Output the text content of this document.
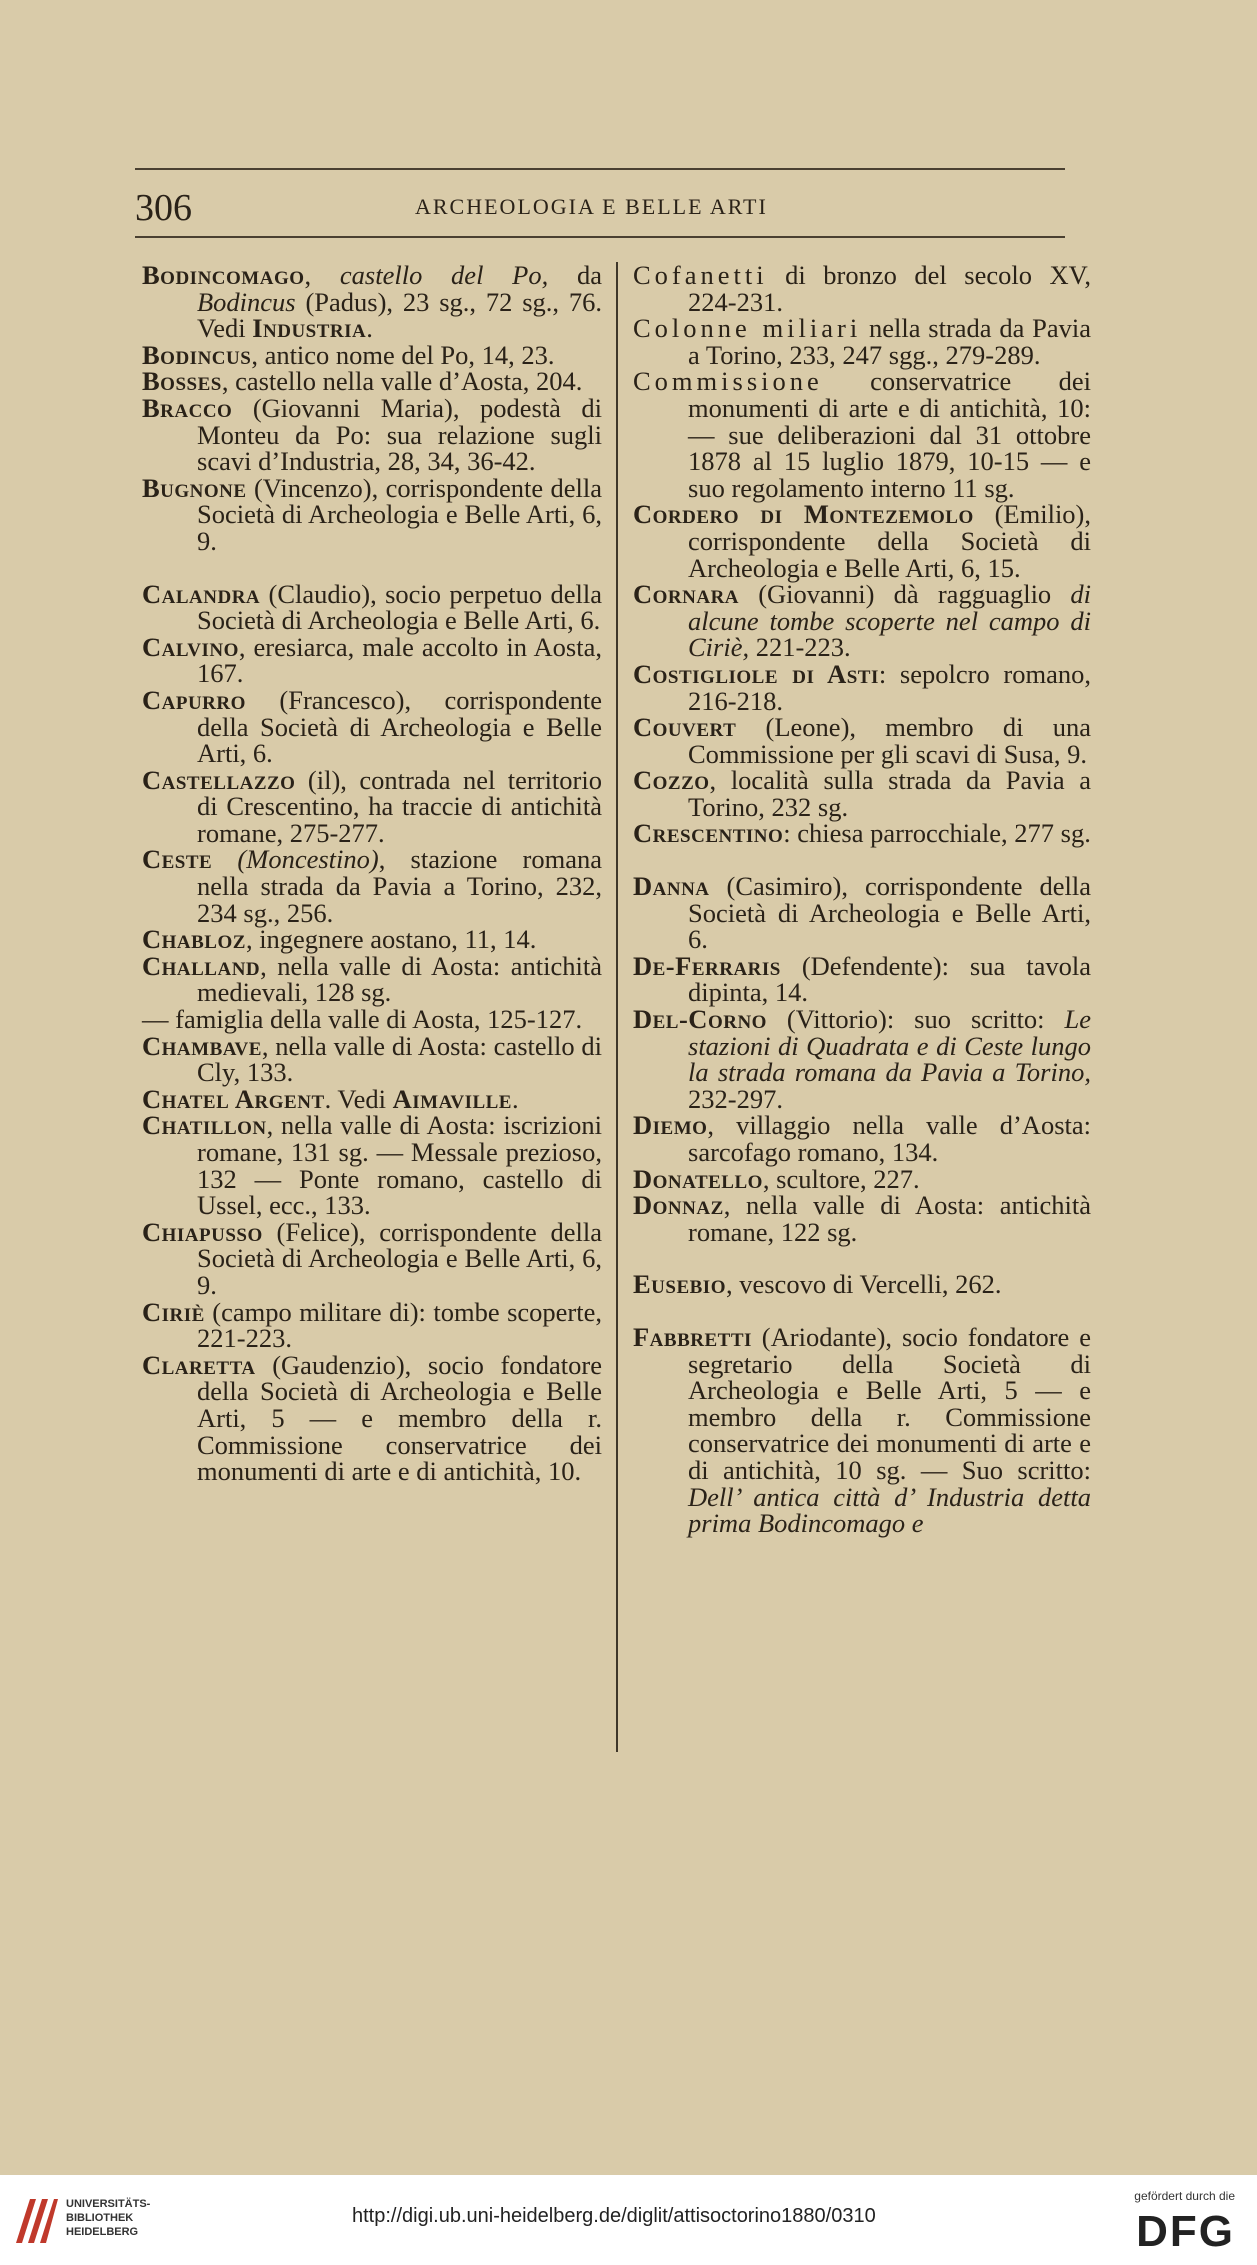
306	ARCHEOLOGIA E BELLE ARTI

Bodincomago, castello del Po, da Bodincus (Padus), 23 sg., 72 sg., 76. Vedi Industria.

Bodincus, antico nome del Po, 14, 23.

Bosses, castello nella valle d’Aosta, 204.

Bracco (Giovanni Maria), podestà di Monteu da Po: sua relazione sugli scavi d’Industria, 28, 34, 36-42.

Bugnone (Vincenzo), corrispondente della Società di Archeologia e Belle Arti, 6, 9.

Calandra (Claudio), socio perpetuo della Società di Archeologia e Belle Arti, 6.

Calvino, eresiarca, male accolto in Aosta, 167.

Capurro (Francesco), corrispondente della Società di Archeologia e Belle Arti, 6.

Castellazzo (il), contrada nel territorio di Crescentino, ha traccie di antichità romane, 275-277.

Ceste (Moncestino), stazione romana nella strada da Pavia a Torino, 232, 234 sg., 256.

Chabloz, ingegnere aostano, 11, 14.

Challand, nella valle di Aosta: antichità medievali, 128 sg.

— famiglia della valle di Aosta, 125-127.

Chambave, nella valle di Aosta: castello di Cly, 133.

Chatel Argent. Vedi Aimaville.

Chatillon, nella valle di Aosta: iscrizioni romane, 131 sg. — Messale prezioso, 132 — Ponte romano, castello di Ussel, ecc., 133.

Chiapusso (Felice), corrispondente della Società di Archeologia e Belle Arti, 6, 9.

Ciriè (campo militare di): tombe scoperte, 221-223.

Claretta (Gaudenzio), socio fondatore della Società di Archeologia e Belle Arti, 5 — e membro della r. Commissione conservatrice dei monumenti di arte e di antichità, 10.

Cofanetti di bronzo del secolo XV, 224-231.

Colonne miliari nella strada da Pavia a Torino, 233, 247 sgg., 279-289.

Commissione conservatrice dei monumenti di arte e di antichità, 10: — sue deliberazioni dal 31 ottobre 1878 al 15 luglio 1879, 10-15 — e suo regolamento interno 11 sg.

Cordero di Montezemolo (Emilio), corrispondente della Società di Archeologia e Belle Arti, 6, 15.

Cornara (Giovanni) dà ragguaglio di alcune tombe scoperte nel campo di Ciriè, 221-223.

Costigliole di Asti: sepolcro romano, 216-218.

Couvert (Leone), membro di una Commissione per gli scavi di Susa, 9.

Cozzo, località sulla strada da Pavia a Torino, 232 sg.

Crescentino: chiesa parrocchiale, 277 sg.

Danna (Casimiro), corrispondente della Società di Archeologia e Belle Arti, 6.

De-Ferraris (Defendente): sua tavola dipinta, 14.

Del-Corno (Vittorio): suo scritto: Le stazioni di Quadrata e di Ceste lungo la strada romana da Pavia a Torino, 232-297.

Diemo, villaggio nella valle d’Aosta: sarcofago romano, 134.

Donatello, scultore, 227.

Donnaz, nella valle di Aosta: antichità romane, 122 sg.

Eusebio, vescovo di Vercelli, 262.

Fabbretti (Ariodante), socio fondatore e segretario della Società di Archeologia e Belle Arti, 5 — e membro della r. Commissione conservatrice dei monumenti di arte e di antichità, 10 sg. — Suo scritto: Dell’ antica città d’ Industria detta prima Bodincomago e

UNIVERSITÄTS-
BIBLIOTHEK
HEIDELBERG
http://digi.ub.uni-heidelberg.de/diglit/attisoctorino1880/0310
gefördert durch die
DFG
